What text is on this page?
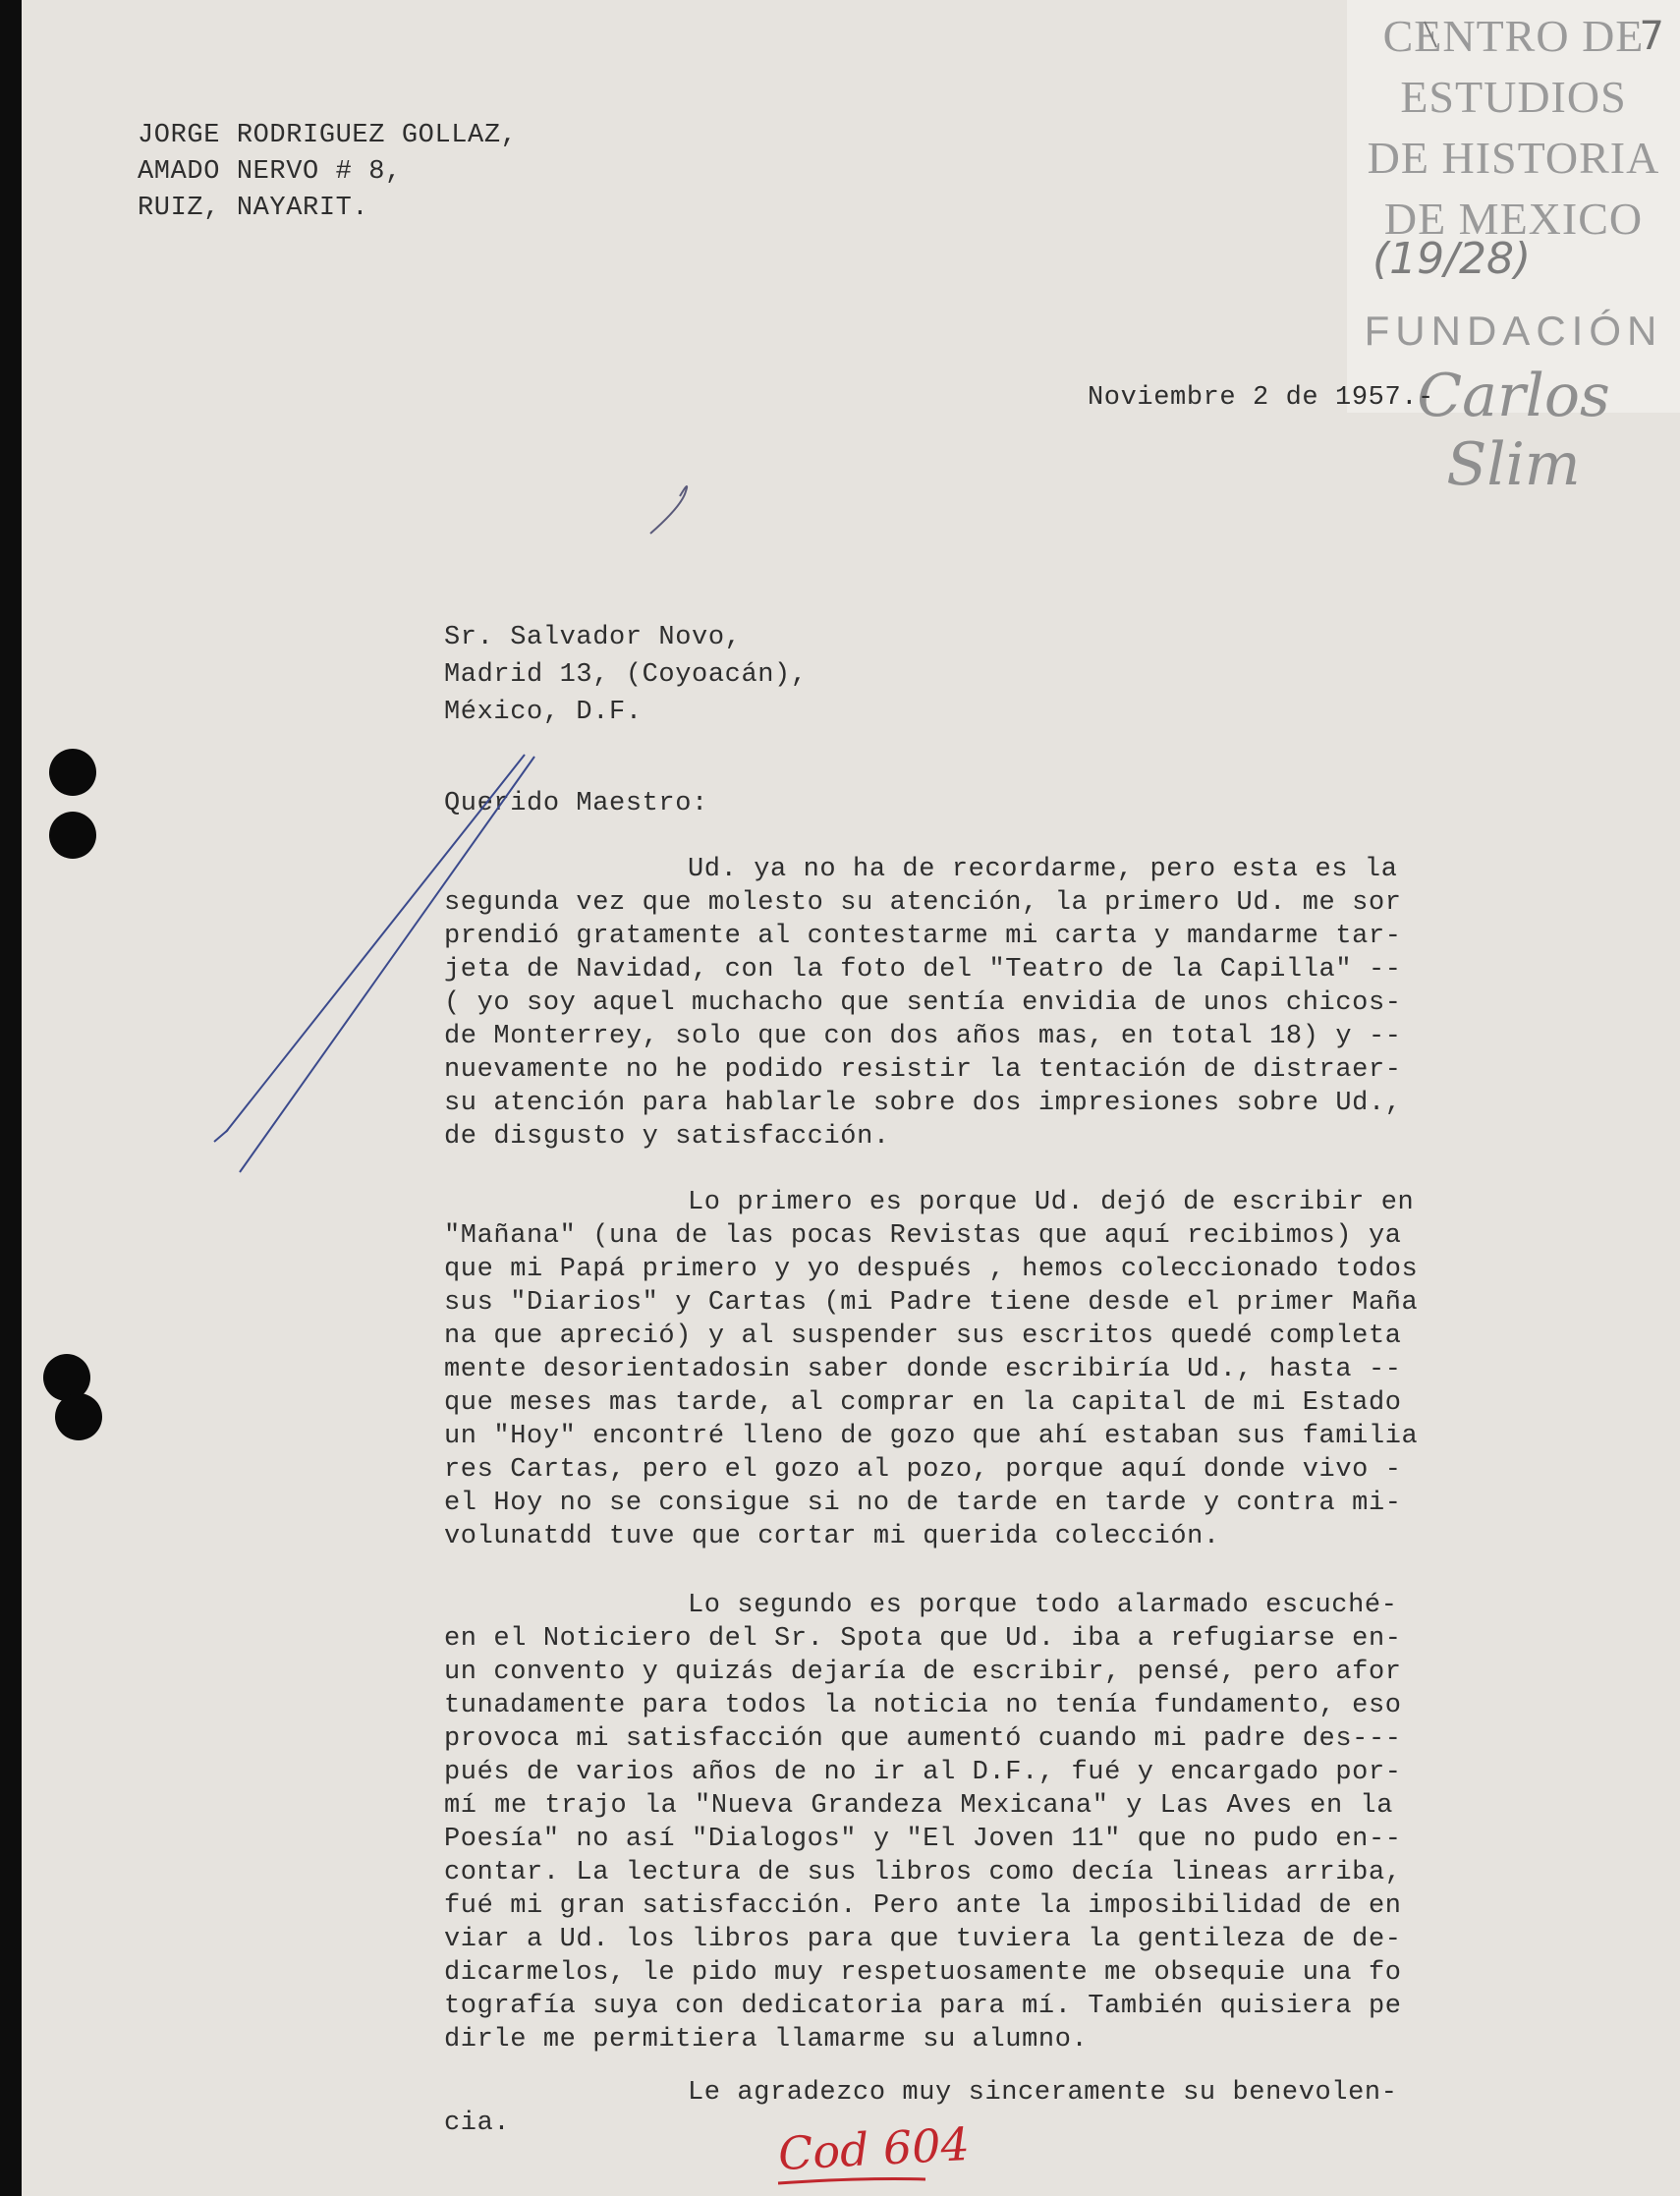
CENTRO DE
ESTUDIOS
DE HISTORIA
DE MEXICO
FUNDACIÓN
Carlos Slim
(19/28)
7
JORGE RODRIGUEZ GOLLAZ,
AMADO NERVO # 8,
RUIZ, NAYARIT.
Noviembre 2 de 1957.-
Sr. Salvador Novo,
Madrid 13, (Coyoacán),
México, D.F.
Querido Maestro:
Ud. ya no ha de recordarme, pero esta es la
segunda vez que molesto su atención, la primero Ud. me sor
prendió gratamente al contestarme mi carta y mandarme tar-
jeta de Navidad, con la foto del "Teatro de la Capilla" --
( yo soy aquel muchacho que sentía envidia de unos chicos-
de Monterrey, solo que con dos años mas, en total 18) y --
nuevamente no he podido resistir la tentación de distraer-
su atención para hablarle sobre dos impresiones sobre Ud.,
de disgusto y satisfacción.
Lo primero es porque Ud. dejó de escribir en
"Mañana" (una de las pocas Revistas que aquí recibimos) ya
que mi Papá primero y yo después , hemos coleccionado todos
sus "Diarios" y Cartas (mi Padre tiene desde el primer Maña
na que apreció) y al suspender sus escritos quedé completa
mente desorientadosin saber donde escribiría Ud., hasta --
que meses mas tarde, al comprar en la capital de mi Estado
un "Hoy" encontré lleno de gozo que ahí estaban sus familia
res Cartas, pero el gozo al pozo, porque aquí donde vivo -
el Hoy no se consigue si no de tarde en tarde y contra mi-
volunatdd tuve que cortar mi querida colección.
Lo segundo es porque todo alarmado escuché-
en el Noticiero del Sr. Spota que Ud. iba a refugiarse en-
un convento y quizás dejaría de escribir, pensé, pero afor
tunadamente para todos la noticia no tenía fundamento, eso
provoca mi satisfacción que aumentó cuando mi padre des---
pués de varios años de no ir al D.F., fué y encargado por-
mí me trajo la "Nueva Grandeza Mexicana" y Las Aves en la
Poesía" no así "Dialogos" y "El Joven 11" que no pudo en--
contar. La lectura de sus libros como decía lineas arriba,
fué mi gran satisfacción. Pero ante la imposibilidad de en
viar a Ud. los libros para que tuviera la gentileza de de-
dicarmelos, le pido muy respetuosamente me obsequie una fo
tografía suya con dedicatoria para mí. También quisiera pe
dirle me permitiera llamarme su alumno.
Le agradezco muy sinceramente su benevolen-
cia.	Cod 604
